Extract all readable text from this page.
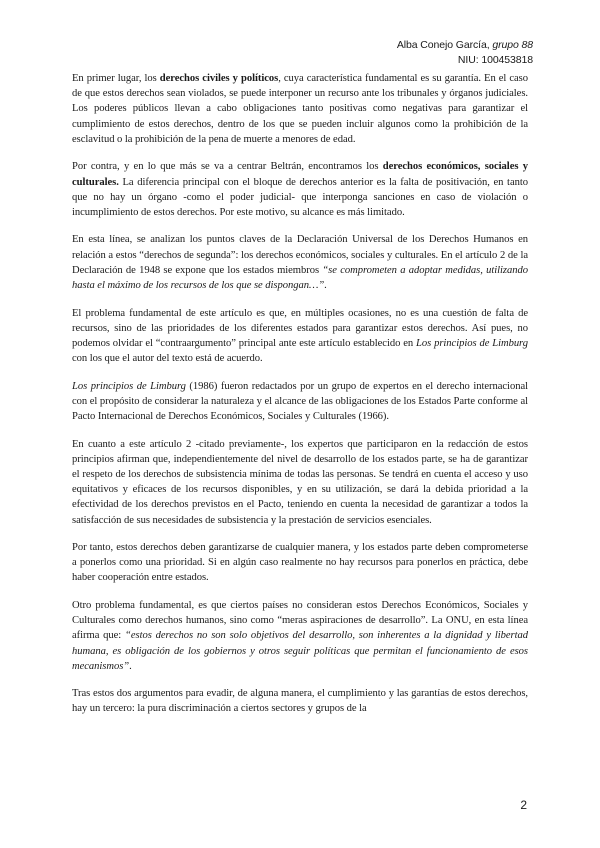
Alba Conejo García, grupo 88
NIU: 100453818

En primer lugar, los derechos civiles y políticos, cuya característica fundamental es su garantía. En el caso de que estos derechos sean violados, se puede interponer un recurso ante los tribunales y órganos judiciales. Los poderes públicos llevan a cabo obligaciones tanto positivas como negativas para garantizar el cumplimiento de estos derechos, dentro de los que se pueden incluir algunos como la prohibición de la esclavitud o la prohibición de la pena de muerte a menores de edad.

Por contra, y en lo que más se va a centrar Beltrán, encontramos los derechos económicos, sociales y culturales. La diferencia principal con el bloque de derechos anterior es la falta de positivación, en tanto que no hay un órgano -como el poder judicial- que interponga sanciones en caso de violación o incumplimiento de estos derechos. Por este motivo, su alcance es más limitado.

En esta línea, se analizan los puntos claves de la Declaración Universal de los Derechos Humanos en relación a estos “derechos de segunda”: los derechos económicos, sociales y culturales. En el artículo 2 de la Declaración de 1948 se expone que los estados miembros “se comprometen a adoptar medidas, utilizando hasta el máximo de los recursos de los que se dispongan…”.

El problema fundamental de este artículo es que, en múltiples ocasiones, no es una cuestión de falta de recursos, sino de las prioridades de los diferentes estados para garantizar estos derechos. Así pues, no podemos olvidar el “contraargumento” principal ante este artículo establecido en Los principios de Limburg con los que el autor del texto está de acuerdo.

Los principios de Limburg (1986) fueron redactados por un grupo de expertos en el derecho internacional con el propósito de considerar la naturaleza y el alcance de las obligaciones de los Estados Parte conforme al Pacto Internacional de Derechos Económicos, Sociales y Culturales (1966).

En cuanto a este artículo 2 -citado previamente-, los expertos que participaron en la redacción de estos principios afirman que, independientemente del nivel de desarrollo de los estados parte, se ha de garantizar el respeto de los derechos de subsistencia mínima de todas las personas. Se tendrá en cuenta el acceso y uso equitativos y eficaces de los recursos disponibles, y en su utilización, se dará la debida prioridad a la efectividad de los derechos previstos en el Pacto, teniendo en cuenta la necesidad de garantizar a todos la satisfacción de sus necesidades de subsistencia y la prestación de servicios esenciales.

Por tanto, estos derechos deben garantizarse de cualquier manera, y los estados parte deben comprometerse a ponerlos como una prioridad. Si en algún caso realmente no hay recursos para ponerlos en práctica, debe haber cooperación entre estados.

Otro problema fundamental, es que ciertos países no consideran estos Derechos Económicos, Sociales y Culturales como derechos humanos, sino como “meras aspiraciones de desarrollo”. La ONU, en esta línea afirma que: “estos derechos no son solo objetivos del desarrollo, son inherentes a la dignidad y libertad humana, es obligación de los gobiernos y otros seguir políticas que permitan el funcionamiento de esos mecanismos”.

Tras estos dos argumentos para evadir, de alguna manera, el cumplimiento y las garantías de estos derechos, hay un tercero: la pura discriminación a ciertos sectores y grupos de la

2
